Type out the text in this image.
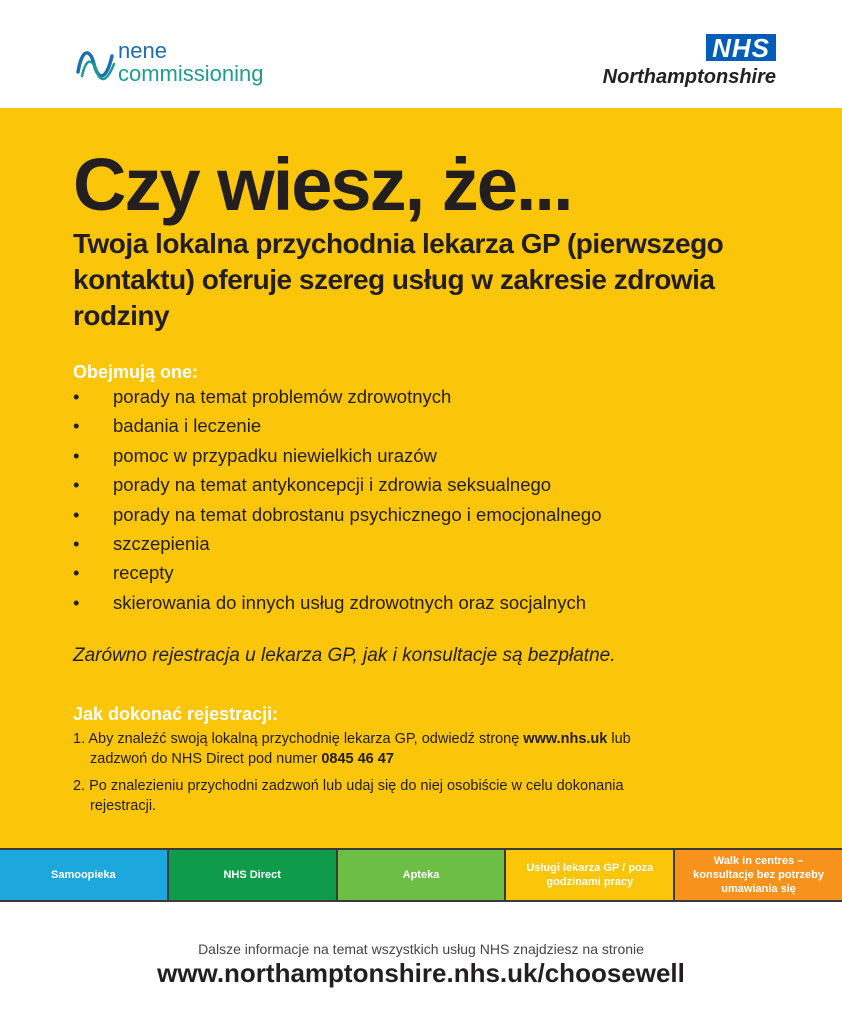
nene
commissioning
NHS
Northamptonshire
Czy wiesz, że...

Twoja lokalna przychodnia lekarza GP (pierwszego kontaktu) oferuje szereg usług w zakresie zdrowia rodziny

Obejmują one:

• porady na temat problemów zdrowotnych
• badania i leczenie
• pomoc w przypadku niewielkich urazów
• porady na temat antykoncepcji i zdrowia seksualnego
• porady na temat dobrostanu psychicznego i emocjonalnego
• szczepienia
• recepty
• skierowania do innych usług zdrowotnych oraz socjalnych

Zarówno rejestracja u lekarza GP, jak i konsultacje są bezpłatne.

Jak dokonać rejestracji:

1. Aby znaleźć swoją lokalną przychodnię lekarza GP, odwiedź stronę www.nhs.uk lub
zadzwoń do NHS Direct pod numer 0845 46 47

2. Po znalezieniu przychodni zadzwoń lub udaj się do niej osobiście w celu dokonania
rejestracji.

Samoopieka	NHS Direct	Apteka
Usługi lekarza GP / poza godzinami pracy
Walk in centres – konsultacje bez potrzeby umawiania się

Dalsze informacje na temat wszystkich usług NHS znajdziesz na stronie

www.northamptonshire.nhs.uk/choosewell
